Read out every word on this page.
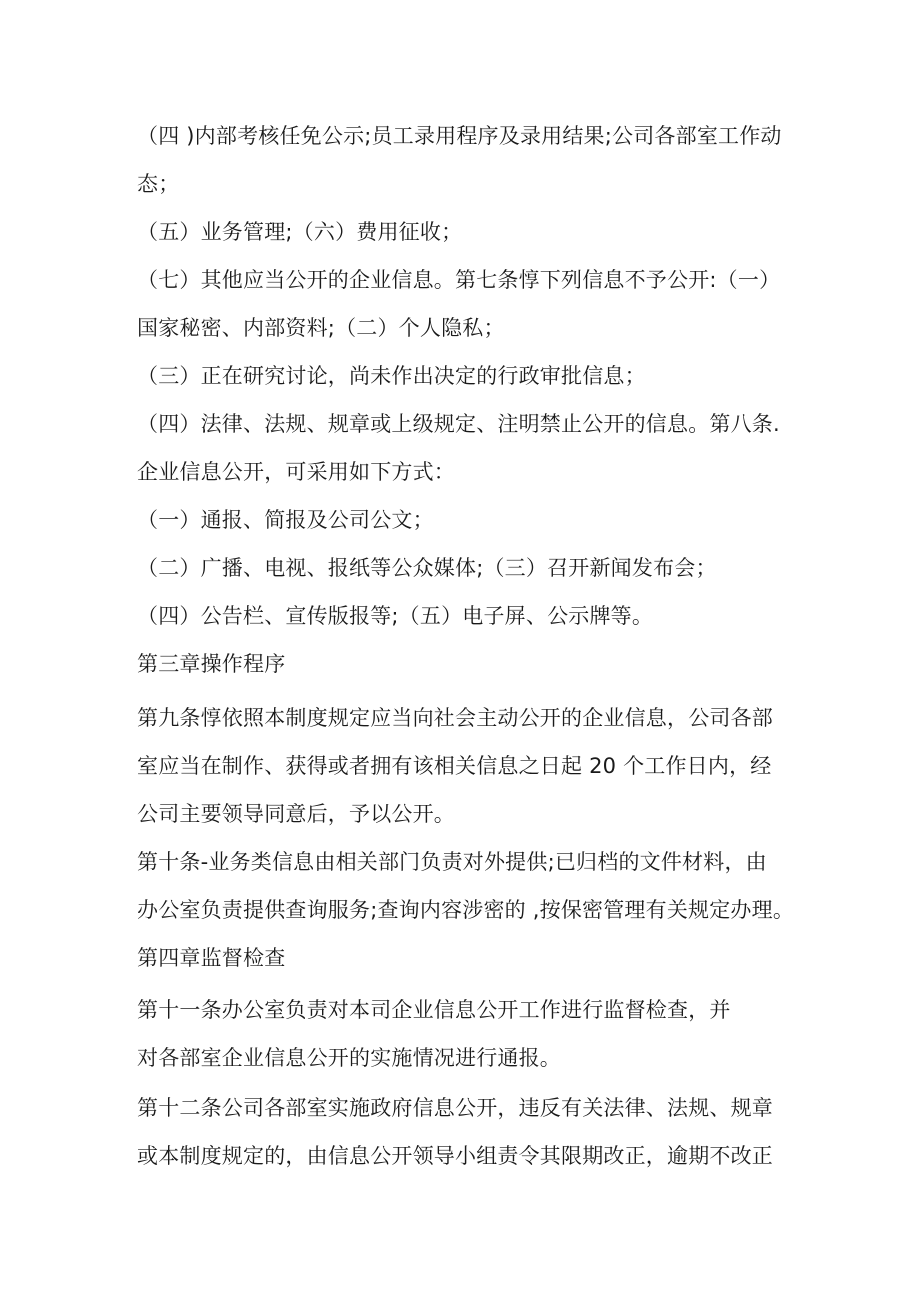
（四 )内部考核任免公示;员工录用程序及录用结果;公司各部室工作动
态；
（五）业务管理;（六）费用征收；
（七）其他应当公开的企业信息。第七条惇下列信息不予公开:（一）
国家秘密、内部资料;（二）个人隐私；
（三）正在研究讨论，尚未作出决定的行政审批信息；
（四）法律、法规、规章或上级规定、注明禁止公开的信息。第八条.
企业信息公开，可采用如下方式：
（一）通报、简报及公司公文；
（二）广播、电视、报纸等公众媒体;（三）召开新闻发布会；
（四）公告栏、宣传版报等;（五）电子屏、公示牌等。
第三章操作程序
第九条惇依照本制度规定应当向社会主动公开的企业信息，公司各部
室应当在制作、获得或者拥有该相关信息之日起 20 个工作日内，经
公司主要领导同意后，予以公开。
第十条-业务类信息由相关部门负责对外提供;已归档的文件材料，由
办公室负责提供查询服务;查询内容涉密的 ,按保密管理有关规定办理。
第四章监督检查
第十一条办公室负责对本司企业信息公开工作进行监督检查，并
对各部室企业信息公开的实施情况进行通报。
第十二条公司各部室实施政府信息公开，违反有关法律、法规、规章
或本制度规定的，由信息公开领导小组责令其限期改正，逾期不改正
